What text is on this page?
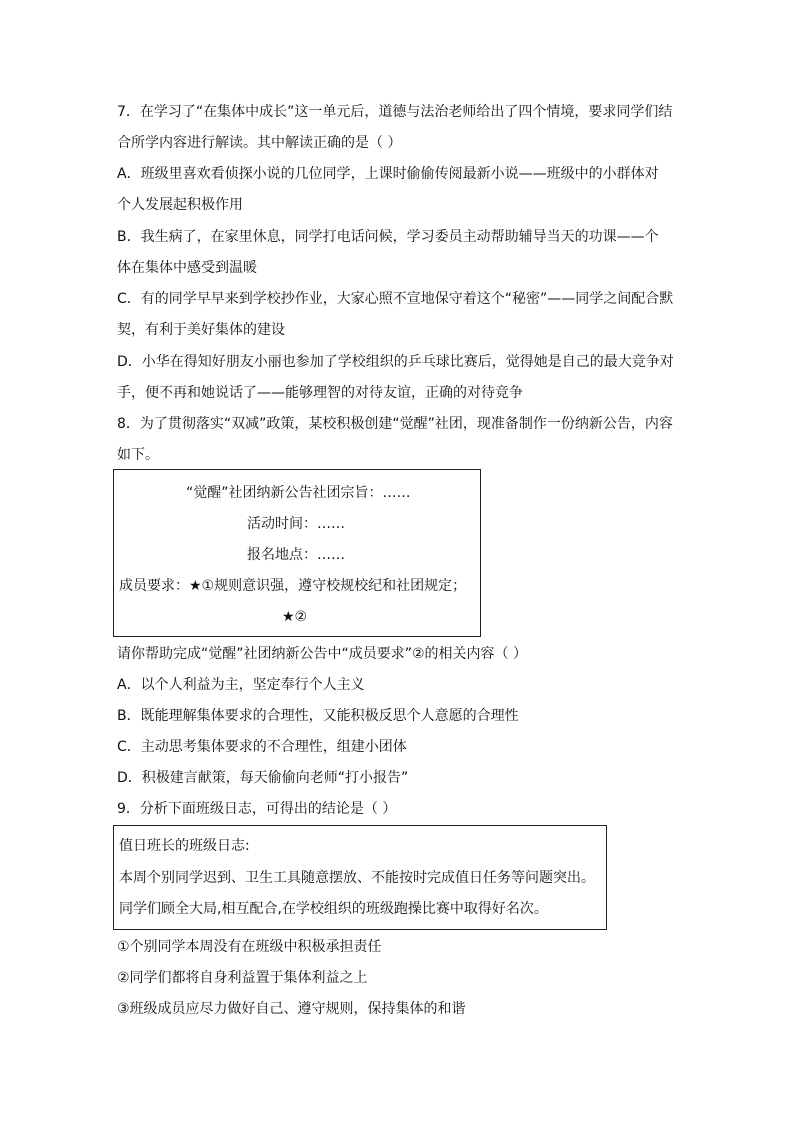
7．在学习了“在集体中成长”这一单元后，道德与法治老师给出了四个情境，要求同学们结
合所学内容进行解读。其中解读正确的是（ ）
A．班级里喜欢看侦探小说的几位同学，上课时偷偷传阅最新小说——班级中的小群体对
个人发展起积极作用
B．我生病了，在家里休息，同学打电话问候，学习委员主动帮助辅导当天的功课——个
体在集体中感受到温暖
C．有的同学早早来到学校抄作业，大家心照不宣地保守着这个“秘密”——同学之间配合默
契，有利于美好集体的建设
D．小华在得知好朋友小丽也参加了学校组织的乒乓球比赛后，觉得她是自己的最大竞争对
手，便不再和她说话了——能够理智的对待友谊，正确的对待竞争
8．为了贯彻落实“双减”政策，某校积极创建“觉醒”社团，现准备制作一份纳新公告，内容
如下。
“觉醒”社团纳新公告社团宗旨：……
活动时间：……
报名地点：……
成员要求：★①规则意识强，遵守校规校纪和社团规定；
★②
请你帮助完成“觉醒”社团纳新公告中“成员要求”②的相关内容（ ）
A．以个人利益为主，坚定奉行个人主义
B．既能理解集体要求的合理性，又能积极反思个人意愿的合理性
C．主动思考集体要求的不合理性，组建小团体
D．积极建言献策，每天偷偷向老师“打小报告”
9．分析下面班级日志，可得出的结论是（ ）
值日班长的班级日志:
本周个别同学迟到、卫生工具随意摆放、不能按时完成值日任务等问题突出。
同学们顾全大局,相互配合,在学校组织的班级跑操比赛中取得好名次。
①个别同学本周没有在班级中积极承担责任
②同学们都将自身利益置于集体利益之上
③班级成员应尽力做好自己、遵守规则，保持集体的和谐
